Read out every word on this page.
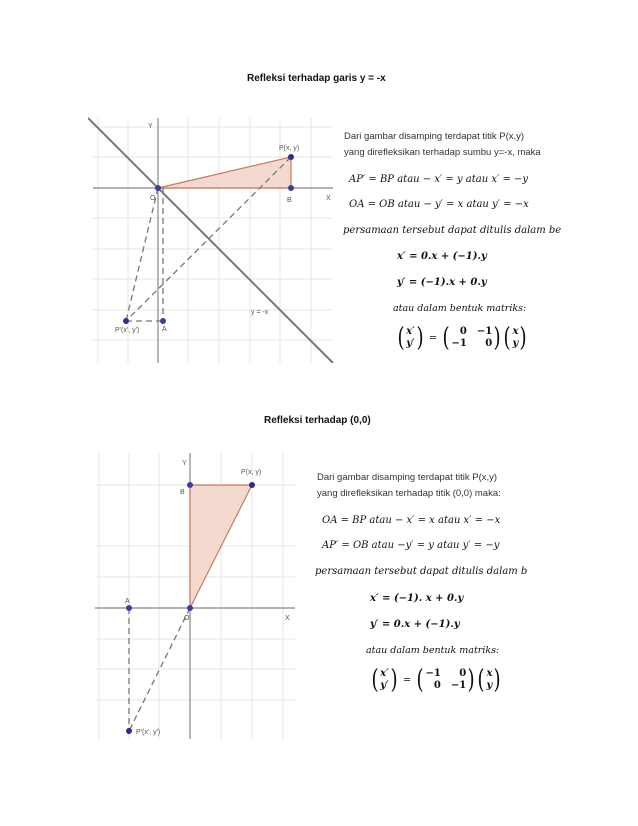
Refleksi terhadap garis y = -x
Y
X
P(x, y)
B
O
P'(x', y')	A
y = -x
Dari gambar disamping terdapat titik P(x,y)
yang direfleksikan terhadap sumbu y=-x, maka
AP′ = BP atau − x′ = y atau x′ = −y
OA = OB atau − y′ = x atau y′ = −x
persamaan tersebut dapat ditulis dalam be
x′ = 0.x + (−1).y
y′ = (−1).x + 0.y
atau dalam bentuk matriks:
( x′
y′ ) = ( 0 −1
−1	0 ) ( x
y )
Refleksi terhadap (0,0)
Y
X
P(x, y)
B
O
A
P'(x', y')
Dari gambar disamping terdapat titik P(x,y)
yang direfleksikan terhadap titik (0,0) maka:
OA = BP atau − x′ = x atau x′ = −x
AP′ = OB atau −y′ = y atau y′ = −y
persamaan tersebut dapat ditulis dalam b
x′ = (−1). x + 0.y
y′ = 0.x + (−1).y
atau dalam bentuk matriks:
( x′
y′ ) = ( −1	0
0 −1 ) ( x
y )
